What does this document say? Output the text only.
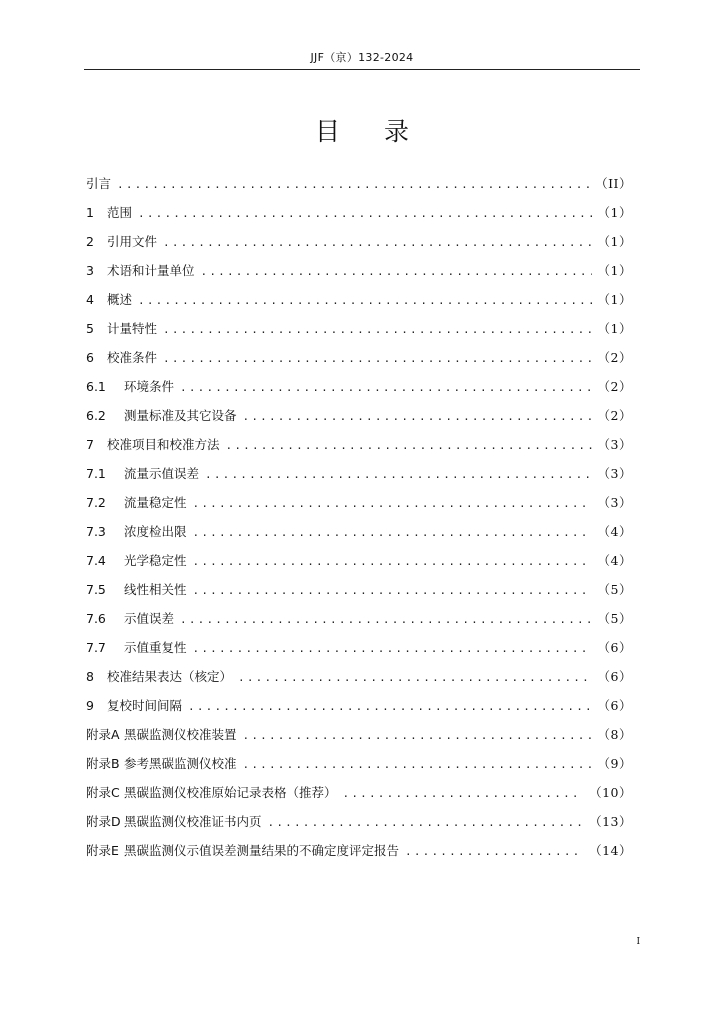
JJF（京）132-2024
目 录
引言 .....	（II）
1	范围 .....	（1）
2	引用文件 .....	（1）
3	术语和计量单位 .....	（1）
4	概述 .....	（1）
5	计量特性 .....	（1）
6	校准条件 .....	（2）
6.1	环境条件 .....	（2）
6.2	测量标准及其它设备 .....	（2）
7	校准项目和校准方法 .....	（3）
7.1	流量示值误差 .....	（3）
7.2	流量稳定性 .....	（3）
7.3	浓度检出限 .....	（4）
7.4	光学稳定性 .....	（4）
7.5	线性相关性 .....	（5）
7.6	示值误差 .....	（5）
7.7	示值重复性 .....	（6）
8	校准结果表达（核定） .....	（6）
9	复校时间间隔 .....	（6）
附录A 黑碳监测仪校准装置 .....	（8）
附录B 参考黑碳监测仪校准 .....	（9）
附录C 黑碳监测仪校准原始记录表格（推荐） .....	（10）
附录D 黑碳监测仪校准证书内页 .....	（13）
附录E 黑碳监测仪示值误差测量结果的不确定度评定报告 .....	（14）
I
